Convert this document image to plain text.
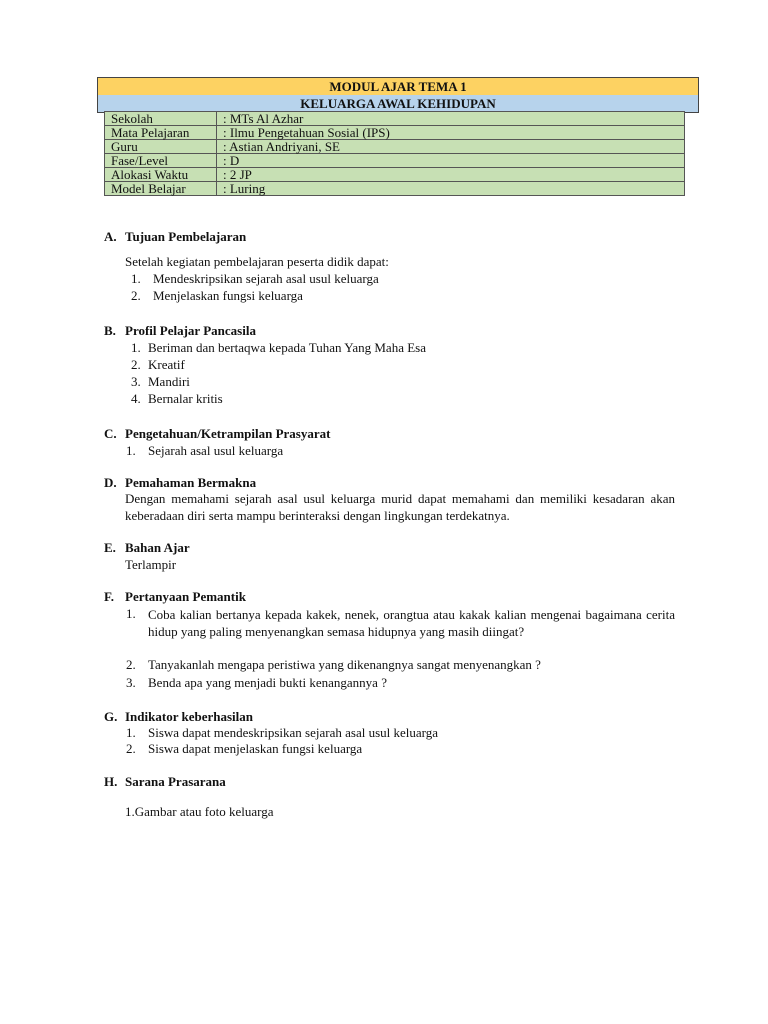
MODUL AJAR TEMA 1
KELUARGA AWAL KEHIDUPAN
Sekolah	: MTs Al Azhar
Mata Pelajaran	: Ilmu Pengetahuan Sosial (IPS)
Guru	: Astian Andriyani, SE
Fase/Level	: D
Alokasi Waktu	: 2 JP
Model Belajar	: Luring
A. Tujuan Pembelajaran
Setelah kegiatan pembelajaran peserta didik dapat:
1. Mendeskripsikan sejarah asal usul keluarga
2. Menjelaskan fungsi keluarga
B. Profil Pelajar Pancasila
1. Beriman dan bertaqwa kepada Tuhan Yang Maha Esa
2. Kreatif
3. Mandiri
4. Bernalar kritis
C. Pengetahuan/Ketrampilan Prasyarat
1. Sejarah asal usul keluarga
D. Pemahaman Bermakna
Dengan memahami sejarah asal usul keluarga murid dapat memahami dan memiliki kesadaran akan keberadaan diri serta mampu berinteraksi dengan lingkungan terdekatnya.
E. Bahan Ajar
Terlampir
F. Pertanyaan Pemantik
1. Coba kalian bertanya kepada kakek, nenek, orangtua atau kakak kalian mengenai bagaimana cerita hidup yang paling menyenangkan semasa hidupnya yang masih diingat?
2. Tanyakanlah mengapa peristiwa yang dikenangnya sangat menyenangkan ?
3. Benda apa yang menjadi bukti kenangannya ?
G. Indikator keberhasilan
1. Siswa dapat mendeskripsikan sejarah asal usul keluarga
2. Siswa dapat menjelaskan fungsi keluarga
H. Sarana Prasarana
1.Gambar atau foto keluarga
